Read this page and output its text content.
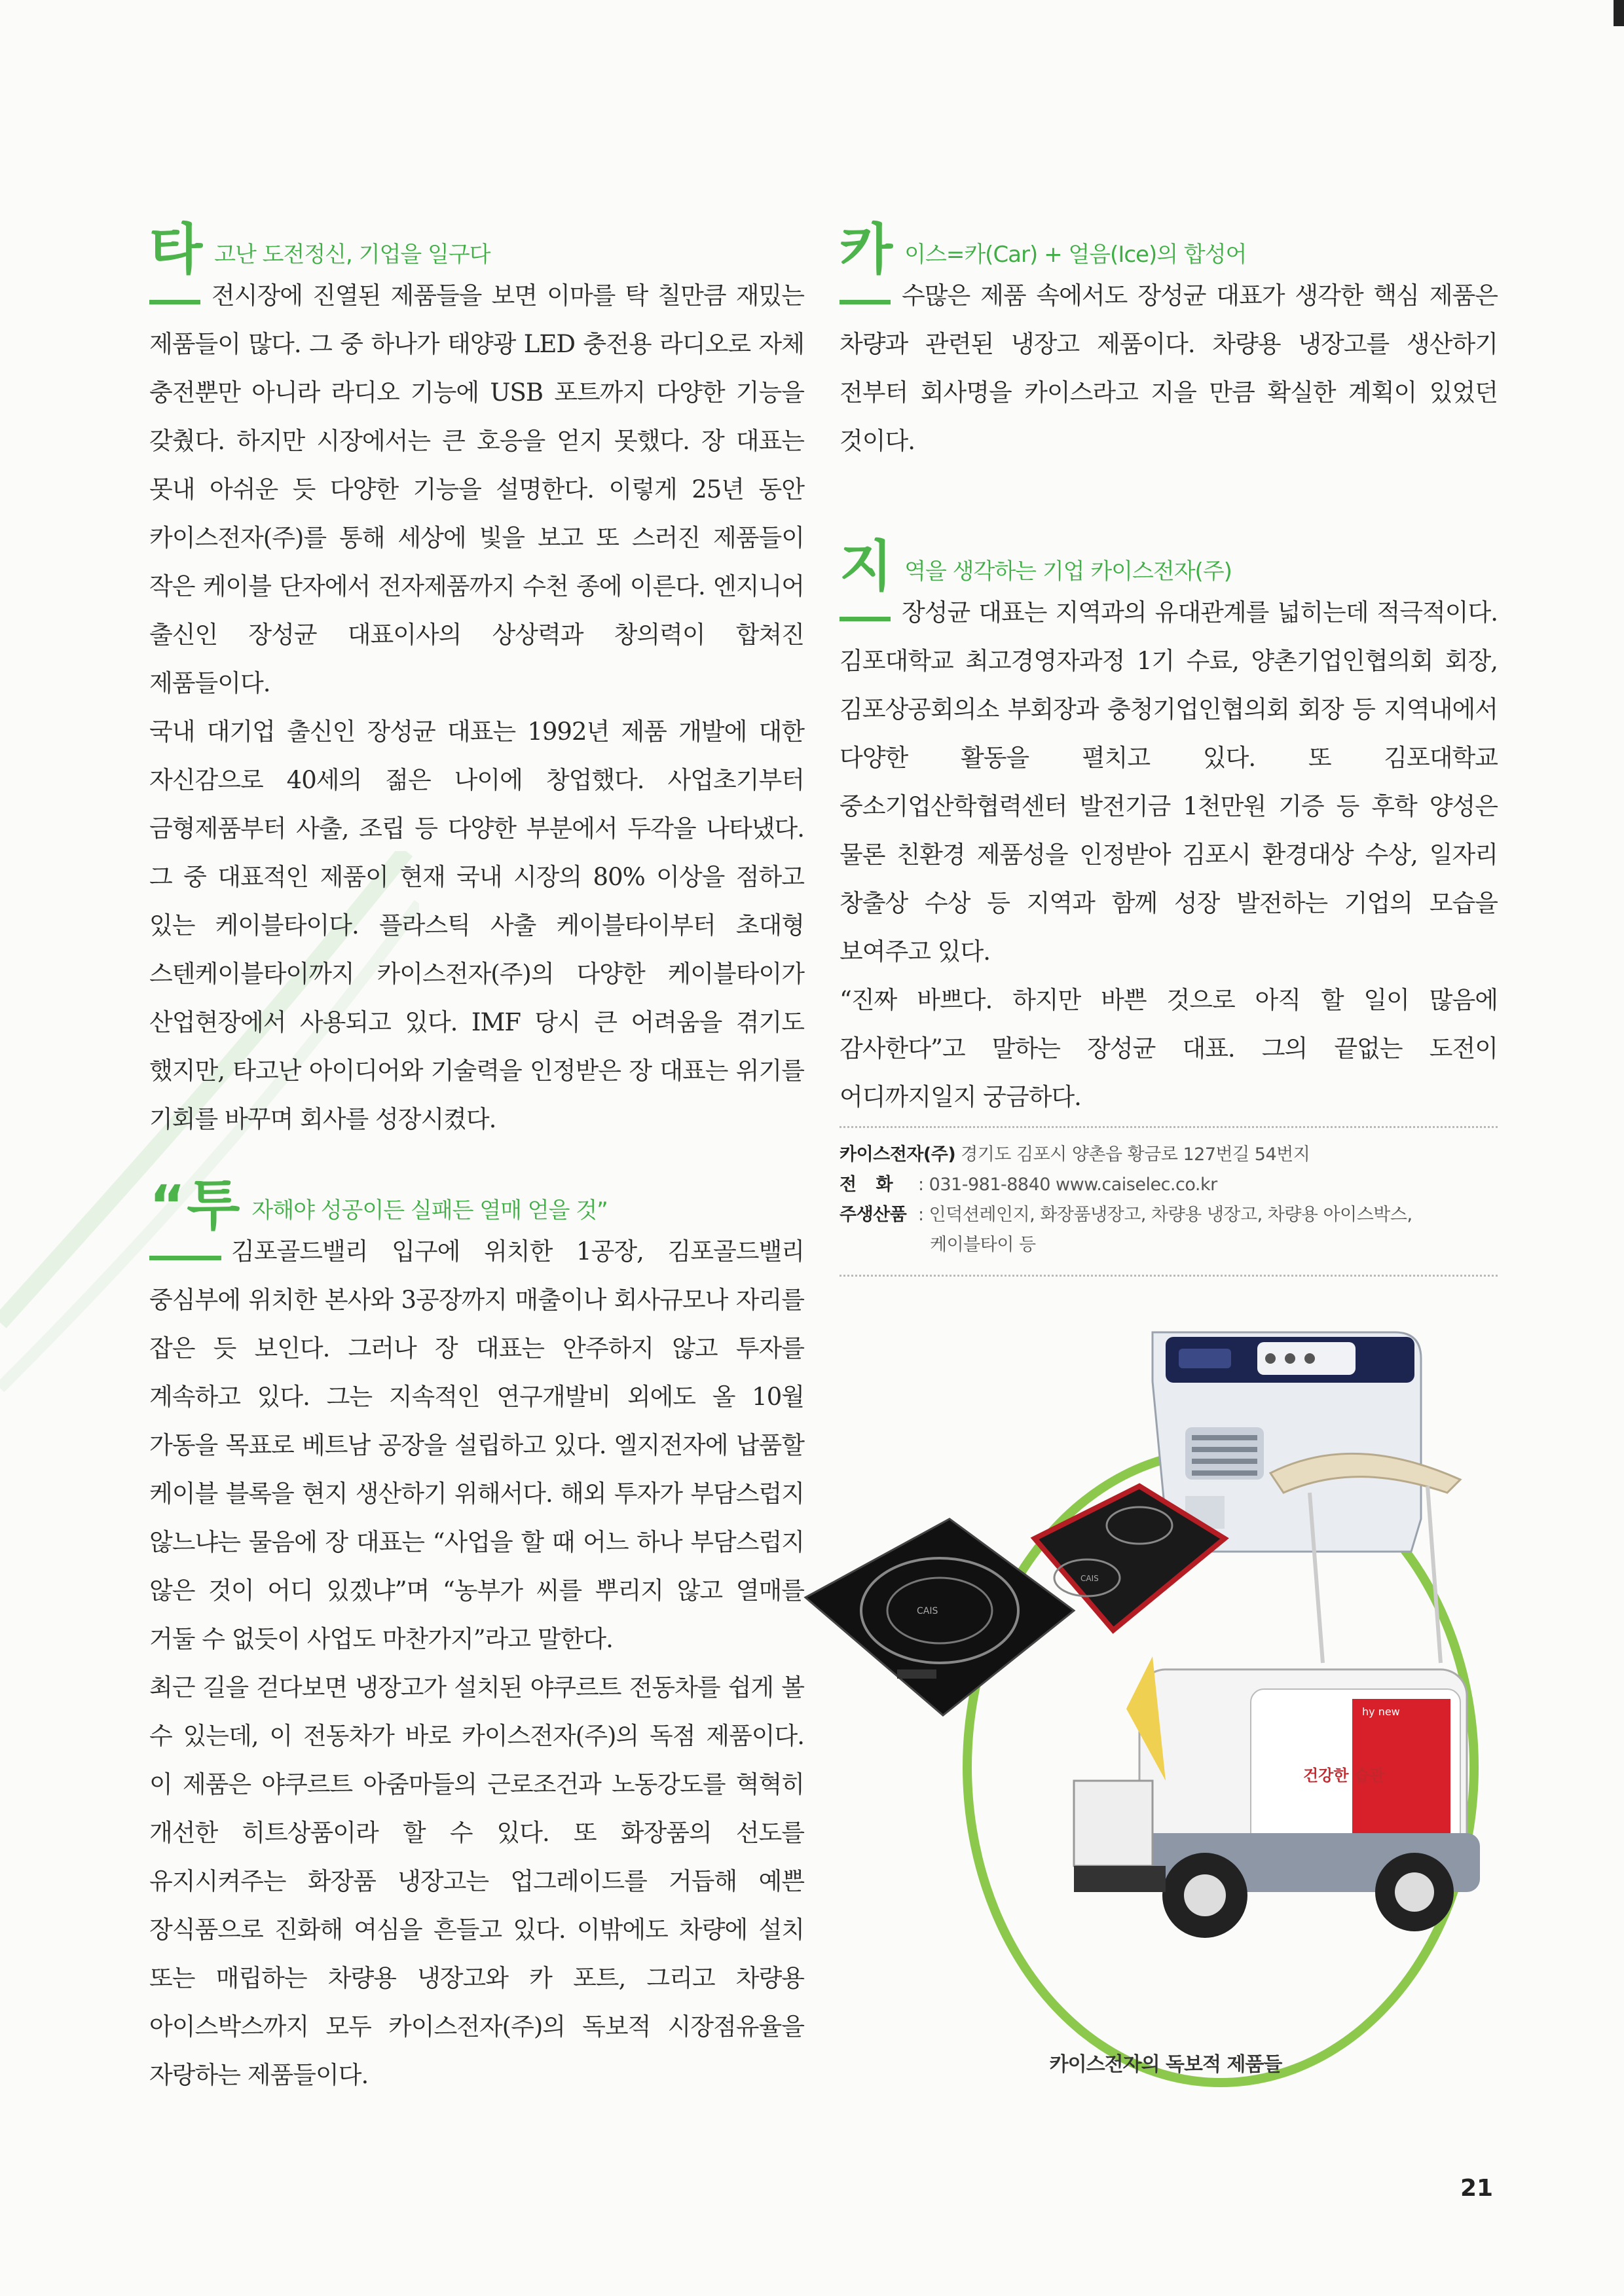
타 고난 도전정신, 기업을 일구다

전시장에 진열된 제품들을 보면 이마를 탁 칠만큼 재밌는 제품들이 많다. 그 중 하나가 태양광 LED 충전용 라디오로 자체 충전뿐만 아니라 라디오 기능에 USB 포트까지 다양한 기능을 갖췄다. 하지만 시장에서는 큰 호응을 얻지 못했다. 장 대표는 못내 아쉬운 듯 다양한 기능을 설명한다. 이렇게 25년 동안 카이스전자(주)를 통해 세상에 빛을 보고 또 스러진 제품들이 작은 케이블 단자에서 전자제품까지 수천 종에 이른다. 엔지니어 출신인 장성균 대표이사의 상상력과 창의력이 합쳐진 제품들이다.

국내 대기업 출신인 장성균 대표는 1992년 제품 개발에 대한 자신감으로 40세의 젊은 나이에 창업했다. 사업초기부터 금형제품부터 사출, 조립 등 다양한 부분에서 두각을 나타냈다. 그 중 대표적인 제품이 현재 국내 시장의 80% 이상을 점하고 있는 케이블타이다. 플라스틱 사출 케이블타이부터 초대형 스텐케이블타이까지 카이스전자(주)의 다양한 케이블타이가 산업현장에서 사용되고 있다. IMF 당시 큰 어려움을 겪기도 했지만, 타고난 아이디어와 기술력을 인정받은 장 대표는 위기를 기회를 바꾸며 회사를 성장시켰다.

“ 투 자해야 성공이든 실패든 열매 얻을 것”

김포골드밸리 입구에 위치한 1공장, 김포골드밸리 중심부에 위치한 본사와 3공장까지 매출이나 회사규모나 자리를 잡은 듯 보인다. 그러나 장 대표는 안주하지 않고 투자를 계속하고 있다. 그는 지속적인 연구개발비 외에도 올 10월 가동을 목표로 베트남 공장을 설립하고 있다. 엘지전자에 납품할 케이블 블록을 현지 생산하기 위해서다. 해외 투자가 부담스럽지 않느냐는 물음에 장 대표는 “사업을 할 때 어느 하나 부담스럽지 않은 것이 어디 있겠냐”며 “농부가 씨를 뿌리지 않고 열매를 거둘 수 없듯이 사업도 마찬가지”라고 말한다.

최근 길을 걷다보면 냉장고가 설치된 야쿠르트 전동차를 쉽게 볼 수 있는데, 이 전동차가 바로 카이스전자(주)의 독점 제품이다. 이 제품은 야쿠르트 아줌마들의 근로조건과 노동강도를 혁혁히 개선한 히트상품이라 할 수 있다. 또 화장품의 선도를 유지시켜주는 화장품 냉장고는 업그레이드를 거듭해 예쁜 장식품으로 진화해 여심을 흔들고 있다. 이밖에도 차량에 설치 또는 매립하는 차량용 냉장고와 카 포트, 그리고 차량용 아이스박스까지 모두 카이스전자(주)의 독보적 시장점유율을 자랑하는 제품들이다.

카 이스=카(Car) + 얼음(Ice)의 합성어

수많은 제품 속에서도 장성균 대표가 생각한 핵심 제품은 차량과 관련된 냉장고 제품이다. 차량용 냉장고를 생산하기 전부터 회사명을 카이스라고 지을 만큼 확실한 계획이 있었던 것이다.

지 역을 생각하는 기업 카이스전자(주)

장성균 대표는 지역과의 유대관계를 넓히는데 적극적이다. 김포대학교 최고경영자과정 1기 수료, 양촌기업인협의회 회장, 김포상공회의소 부회장과 충청기업인협의회 회장 등 지역내에서 다양한 활동을 펼치고 있다. 또 김포대학교 중소기업산학협력센터 발전기금 1천만원 기증 등 후학 양성은 물론 친환경 제품성을 인정받아 김포시 환경대상 수상, 일자리 창출상 수상 등 지역과 함께 성장 발전하는 기업의 모습을 보여주고 있다.

“진짜 바쁘다. 하지만 바쁜 것으로 아직 할 일이 많음에 감사한다”고 말하는 장성균 대표. 그의 끝없는 도전이 어디까지일지 궁금하다.

카이스전자(주) 경기도 김포시 양촌읍 황금로 127번길 54번지
전 화	: 031-981-8840 www.caiselec.co.kr
주생산품 : 인덕션레인지, 화장품냉장고, 차량용 냉장고, 차량용 아이스박스,
케이블타이 등
CAIS
CAIS
hy new
건강한 습관
카이스전자의 독보적 제품들
21
